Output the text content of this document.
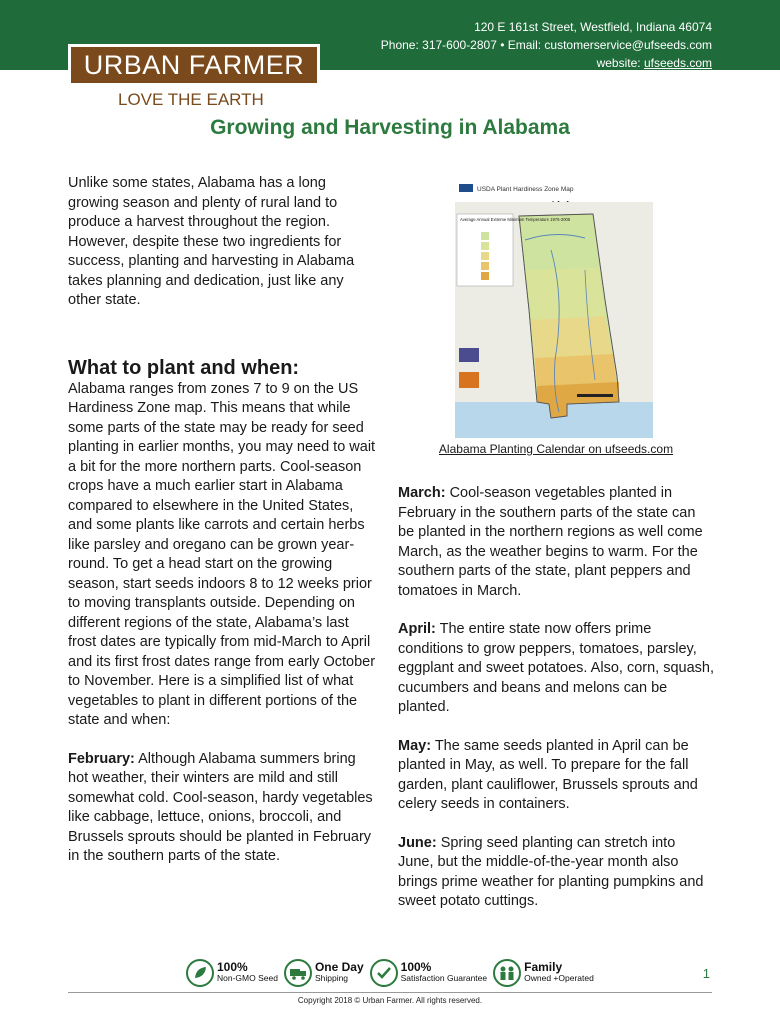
120 E 161st Street, Westfield, Indiana 46074
Phone: 317-600-2807 • Email: customerservice@ufseeds.com
website: ufseeds.com
URBAN FARMER
LOVE THE EARTH
Growing and Harvesting in Alabama

Unlike some states, Alabama has a long growing season and plenty of rural land to produce a harvest throughout the region. However, despite these two ingredients for success, planting and harvesting in Alabama takes planning and dedication, just like any other state.

What to plant and when:

Alabama ranges from zones 7 to 9 on the US Hardiness Zone map. This means that while some parts of the state may be ready for seed planting in earlier months, you may need to wait a bit for the more northern parts. Cool-season crops have a much earlier start in Alabama compared to elsewhere in the United States, and some plants like carrots and certain herbs like parsley and oregano can be grown year-round. To get a head start on the growing season, start seeds indoors 8 to 12 weeks prior to moving transplants outside. Depending on different regions of the state, Alabama’s last frost dates are typically from mid-March to April and its first frost dates range from early October to November. Here is a simplified list of what vegetables to plant in different portions of the state and when:

February: Although Alabama summers bring hot weather, their winters are mild and still somewhat cold. Cool-season, hardy vegetables like cabbage, lettuce, onions, broccoli, and Brussels sprouts should be planted in February in the southern parts of the state.

USDA Plant Hardiness Zone Map
Average Annual Extreme Minimum Temperature 1976-2005
Alabama Planting Calendar on ufseeds.com

March: Cool-season vegetables planted in February in the southern parts of the state can be planted in the northern regions as well come March, as the weather begins to warm. For the southern parts of the state, plant peppers and tomatoes in March.

April: The entire state now offers prime conditions to grow peppers, tomatoes, parsley, eggplant and sweet potatoes. Also, corn, squash, cucumbers and beans and melons can be planted.

May: The same seeds planted in April can be planted in May, as well. To prepare for the fall garden, plant cauliflower, Brussels sprouts and celery seeds in containers.

June: Spring seed planting can stretch into June, but the middle-of-the-year month also brings prime weather for planting pumpkins and sweet potato cuttings.

100%
Non-GMO Seed
One Day
Shipping
100%
Satisfaction Guarantee
Family
Owned +Operated	1
Copyright 2018 © Urban Farmer. All rights reserved.
